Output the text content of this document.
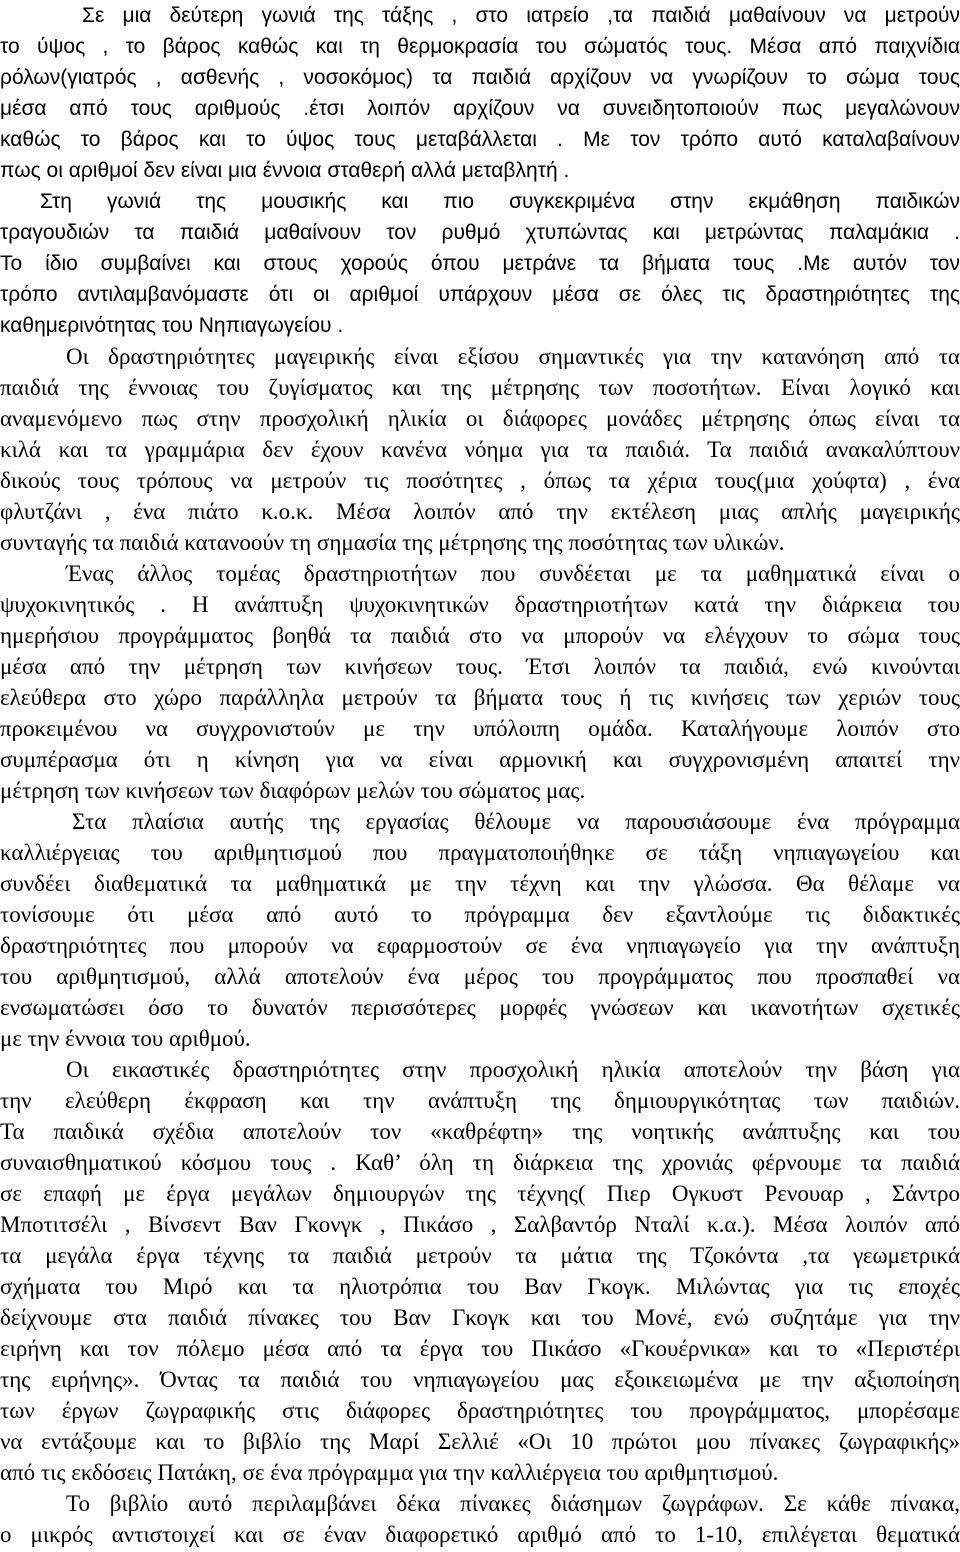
Σε μια δεύτερη γωνιά της τάξης , στο ιατρείο ,τα παιδιά μαθαίνουν να μετρούν
το ύψος , το βάρος καθώς και τη θερμοκρασία του σώματός τους. Μέσα από παιχνίδια
ρόλων(γιατρός , ασθενής , νοσοκόμος) τα παιδιά αρχίζουν να γνωρίζουν το σώμα τους
μέσα από τους αριθμούς .έτσι λοιπόν αρχίζουν να συνειδητοποιούν πως μεγαλώνουν
καθώς το βάρος και το ύψος τους μεταβάλλεται . Με τον τρόπο αυτό καταλαβαίνουν
πως οι αριθμοί δεν είναι μια έννοια σταθερή αλλά μεταβλητή .
Στη γωνιά της μουσικής και πιο συγκεκριμένα στην εκμάθηση παιδικών
τραγουδιών τα παιδιά μαθαίνουν τον ρυθμό χτυπώντας και μετρώντας παλαμάκια .
Το ίδιο συμβαίνει και στους χορούς όπου μετράνε τα βήματα τους .Με αυτόν τον
τρόπο αντιλαμβανόμαστε ότι οι αριθμοί υπάρχουν μέσα σε όλες τις δραστηριότητες της
καθημερινότητας του Νηπιαγωγείου .
Οι δραστηριότητες μαγειρικής είναι εξίσου σημαντικές για την κατανόηση από τα
παιδιά της έννοιας του ζυγίσματος και της μέτρησης των ποσοτήτων. Είναι λογικό και
αναμενόμενο πως στην προσχολική ηλικία οι διάφορες μονάδες μέτρησης όπως είναι τα
κιλά και τα γραμμάρια δεν έχουν κανένα νόημα για τα παιδιά. Τα παιδιά ανακαλύπτουν
δικούς τους τρόπους να μετρούν τις ποσότητες , όπως τα χέρια τους(μια χούφτα) , ένα
φλυτζάνι , ένα πιάτο κ.ο.κ. Μέσα λοιπόν από την εκτέλεση μιας απλής μαγειρικής
συνταγής τα παιδιά κατανοούν τη σημασία της μέτρησης της ποσότητας των υλικών.
Ένας άλλος τομέας δραστηριοτήτων που συνδέεται με τα μαθηματικά είναι ο
ψυχοκινητικός . Η ανάπτυξη ψυχοκινητικών δραστηριοτήτων κατά την διάρκεια του
ημερήσιου προγράμματος βοηθά τα παιδιά στο να μπορούν να ελέγχουν το σώμα τους
μέσα από την μέτρηση των κινήσεων τους. Έτσι λοιπόν τα παιδιά, ενώ κινούνται
ελεύθερα στο χώρο παράλληλα μετρούν τα βήματα τους ή τις κινήσεις των χεριών τους
προκειμένου να συγχρονιστούν με την υπόλοιπη ομάδα. Καταλήγουμε λοιπόν στο
συμπέρασμα ότι η κίνηση για να είναι αρμονική και συγχρονισμένη απαιτεί την
μέτρηση των κινήσεων των διαφόρων μελών του σώματος μας.
Στα πλαίσια αυτής της εργασίας θέλουμε να παρουσιάσουμε ένα πρόγραμμα
καλλιέργειας του αριθμητισμού που πραγματοποιήθηκε σε τάξη νηπιαγωγείου και
συνδέει διαθεματικά τα μαθηματικά με την τέχνη και την γλώσσα. Θα θέλαμε να
τονίσουμε ότι μέσα από αυτό το πρόγραμμα δεν εξαντλούμε τις διδακτικές
δραστηριότητες που μπορούν να εφαρμοστούν σε ένα νηπιαγωγείο για την ανάπτυξη
του αριθμητισμού, αλλά αποτελούν ένα μέρος του προγράμματος που προσπαθεί να
ενσωματώσει όσο το δυνατόν περισσότερες μορφές γνώσεων και ικανοτήτων σχετικές
με την έννοια του αριθμού.
Οι εικαστικές δραστηριότητες στην προσχολική ηλικία αποτελούν την βάση για
την ελεύθερη έκφραση και την ανάπτυξη της δημιουργικότητας των παιδιών.
Τα παιδικά σχέδια αποτελούν τον «καθρέφτη» της νοητικής ανάπτυξης και του
συναισθηματικού κόσμου τους . Καθ’ όλη τη διάρκεια της χρονιάς φέρνουμε τα παιδιά
σε επαφή με έργα μεγάλων δημιουργών της τέχνης( Πιερ Ογκυστ Ρενουαρ , Σάντρο
Μποτιτσέλι , Βίνσεντ Βαν Γκονγκ , Πικάσο , Σαλβαντόρ Νταλί κ.α.). Μέσα λοιπόν από
τα μεγάλα έργα τέχνης τα παιδιά μετρούν τα μάτια της Τζοκόντα ,τα γεωμετρικά
σχήματα του Μιρό και τα ηλιοτρόπια του Βαν Γκογκ. Μιλώντας για τις εποχές
δείχνουμε στα παιδιά πίνακες του Βαν Γκογκ και του Μονέ, ενώ συζητάμε για την
ειρήνη και τον πόλεμο μέσα από τα έργα του Πικάσο «Γκουέρνικα» και το «Περιστέρι
της ειρήνης». Όντας τα παιδιά του νηπιαγωγείου μας εξοικειωμένα με την αξιοποίηση
των έργων ζωγραφικής στις διάφορες δραστηριότητες του προγράμματος, μπορέσαμε
να εντάξουμε και το βιβλίο της Μαρί Σελλιέ «Οι 10 πρώτοι μου πίνακες ζωγραφικής»
από τις εκδόσεις Πατάκη, σε ένα πρόγραμμα για την καλλιέργεια του αριθμητισμού.
Το βιβλίο αυτό περιλαμβάνει δέκα πίνακες διάσημων ζωγράφων. Σε κάθε πίνακα,
ο μικρός αντιστοιχεί και σε έναν διαφορετικό αριθμό από το 1-10, επιλέγεται θεματικά
